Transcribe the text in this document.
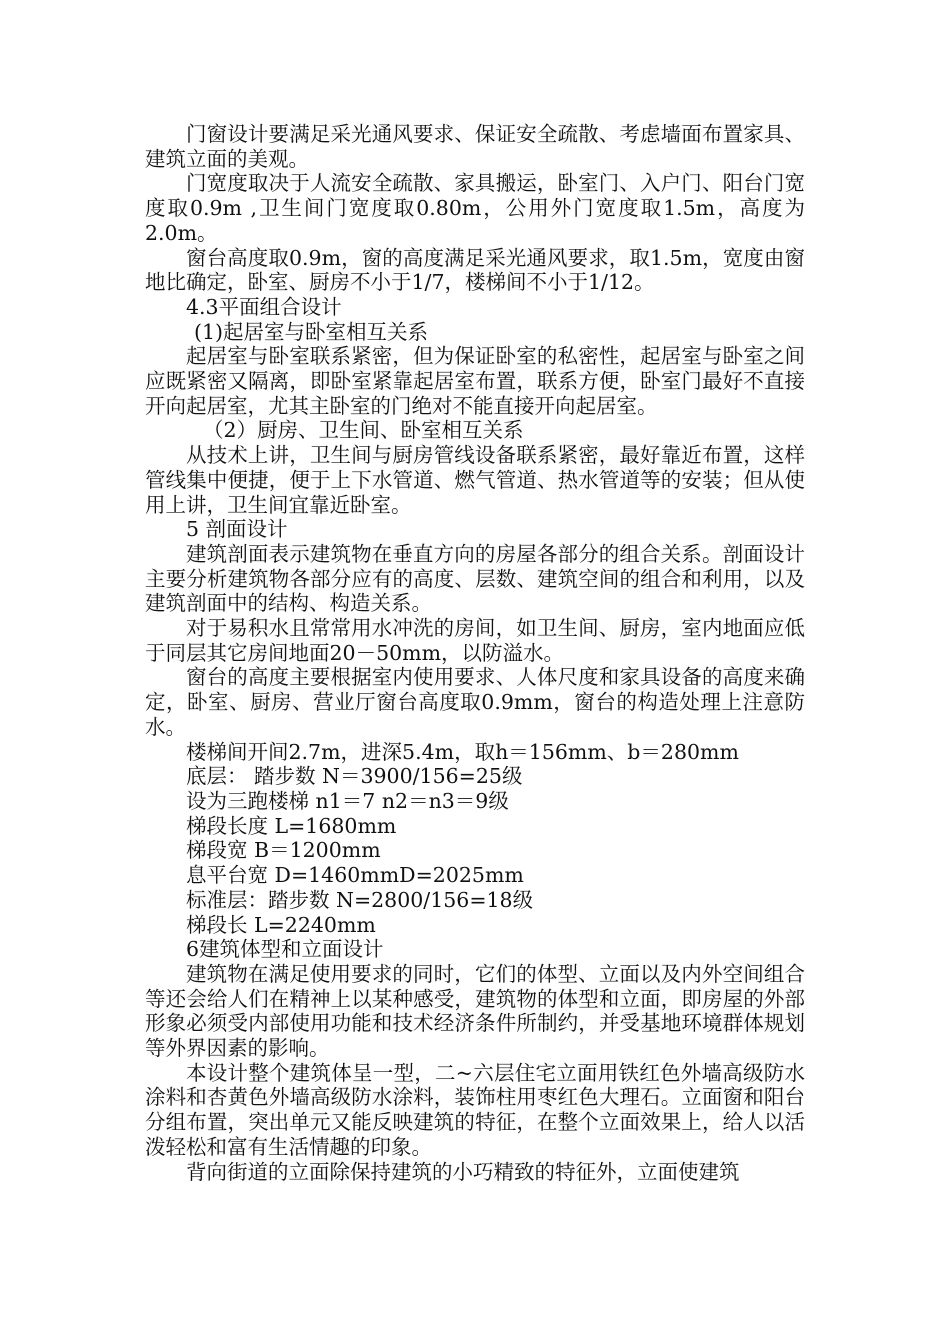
门窗设计要满足采光通风要求、保证安全疏散、考虑墙面布置家具、建筑立面的美观。

门宽度取决于人流安全疏散、家具搬运，卧室门、入户门、阳台门宽度取0.9m ,卫生间门宽度取0.80m，公用外门宽度取1.5m，高度为2.0m。

窗台高度取0.9m，窗的高度满足采光通风要求，取1.5m，宽度由窗地比确定，卧室、厨房不小于1/7，楼梯间不小于1/12。

4.3平面组合设计

(1)起居室与卧室相互关系

起居室与卧室联系紧密，但为保证卧室的私密性，起居室与卧室之间应既紧密又隔离，即卧室紧靠起居室布置，联系方便，卧室门最好不直接开向起居室，尤其主卧室的门绝对不能直接开向起居室。

（2）厨房、卫生间、卧室相互关系

从技术上讲，卫生间与厨房管线设备联系紧密，最好靠近布置，这样管线集中便捷，便于上下水管道、燃气管道、热水管道等的安装；但从使用上讲，卫生间宜靠近卧室。

5 剖面设计

建筑剖面表示建筑物在垂直方向的房屋各部分的组合关系。剖面设计主要分析建筑物各部分应有的高度、层数、建筑空间的组合和利用，以及建筑剖面中的结构、构造关系。

对于易积水且常常用水冲洗的房间，如卫生间、厨房，室内地面应低于同层其它房间地面20－50mm，以防溢水。

窗台的高度主要根据室内使用要求、人体尺度和家具设备的高度来确定，卧室、厨房、营业厅窗台高度取0.9mm，窗台的构造处理上注意防水。

楼梯间开间2.7m，进深5.4m，取h＝156mm、b＝280mm

底层： 踏步数 N＝3900/156=25级

设为三跑楼梯 n1＝7 n2＝n3＝9级

梯段长度 L=1680mm

梯段宽 B＝1200mm

息平台宽 D=1460mmD=2025mm

标准层：踏步数 N=2800/156=18级

梯段长 L=2240mm

6建筑体型和立面设计

建筑物在满足使用要求的同时，它们的体型、立面以及内外空间组合等还会给人们在精神上以某种感受，建筑物的体型和立面，即房屋的外部形象必须受内部使用功能和技术经济条件所制约，并受基地环境群体规划等外界因素的影响。

本设计整个建筑体呈一型，二~六层住宅立面用铁红色外墙高级防水涂料和杏黄色外墙高级防水涂料，装饰柱用枣红色大理石。立面窗和阳台分组布置，突出单元又能反映建筑的特征，在整个立面效果上，给人以活泼轻松和富有生活情趣的印象。

背向街道的立面除保持建筑的小巧精致的特征外，立面使建筑
